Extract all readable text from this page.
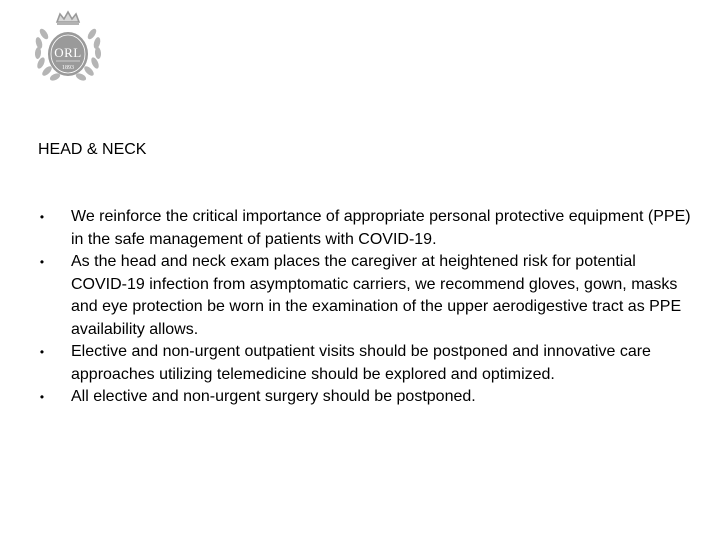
ORL
1893
HEAD & NECK
• We reinforce the critical importance of appropriate personal protective equipment (PPE) in the safe management of patients with COVID-19.
• As the head and neck exam places the caregiver at heightened risk for potential COVID-19 infection from asymptomatic carriers, we recommend gloves, gown, masks and eye protection be worn in the examination of the upper aerodigestive tract as PPE availability allows.
• Elective and non-urgent outpatient visits should be postponed and innovative care approaches utilizing telemedicine should be explored and optimized.
• All elective and non-urgent surgery should be postponed.
